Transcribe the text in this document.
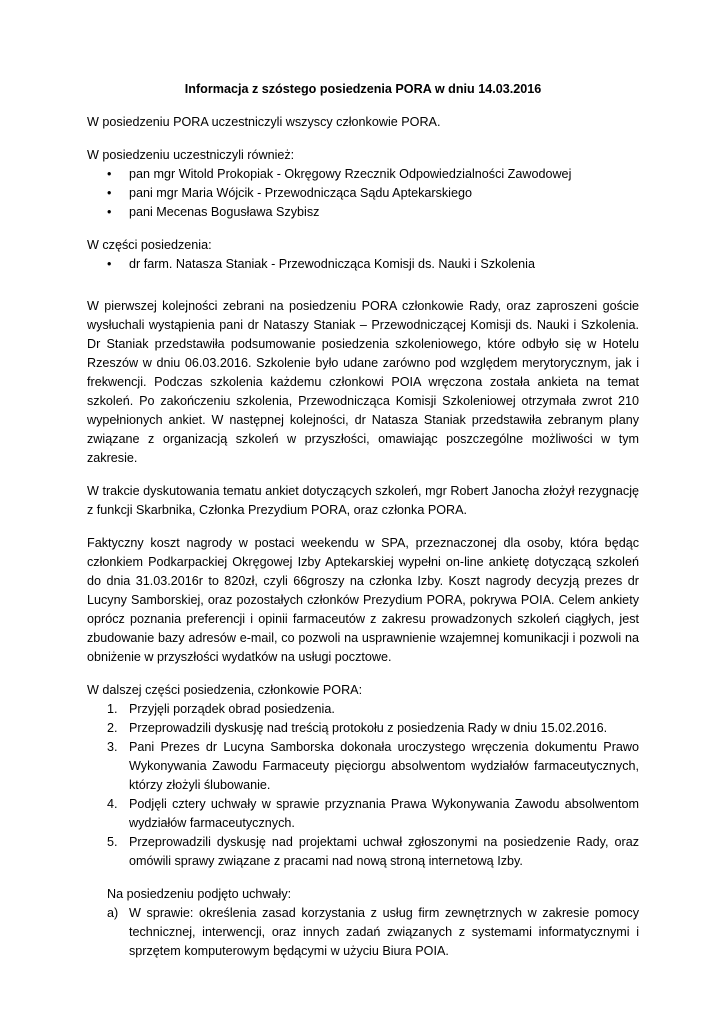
Informacja z szóstego posiedzenia PORA w dniu 14.03.2016

W posiedzeniu PORA uczestniczyli wszyscy członkowie PORA.

W posiedzeniu uczestniczyli również:

• pan mgr Witold Prokopiak - Okręgowy Rzecznik Odpowiedzialności Zawodowej
• pani mgr Maria Wójcik - Przewodnicząca Sądu Aptekarskiego
• pani Mecenas Bogusława Szybisz

W części posiedzenia:

• dr farm. Natasza Staniak - Przewodnicząca Komisji ds. Nauki i Szkolenia

W pierwszej kolejności zebrani na posiedzeniu PORA członkowie Rady, oraz zaproszeni goście wysłuchali wystąpienia pani dr Nataszy Staniak – Przewodniczącej Komisji ds. Nauki i Szkolenia. Dr Staniak przedstawiła podsumowanie posiedzenia szkoleniowego, które odbyło się w Hotelu Rzeszów w dniu 06.03.2016. Szkolenie było udane zarówno pod względem merytorycznym, jak i frekwencji. Podczas szkolenia każdemu członkowi POIA wręczona została ankieta na temat szkoleń. Po zakończeniu szkolenia, Przewodnicząca Komisji Szkoleniowej otrzymała zwrot 210 wypełnionych ankiet. W następnej kolejności, dr Natasza Staniak przedstawiła zebranym plany związane z organizacją szkoleń w przyszłości, omawiając poszczególne możliwości w tym zakresie.

W trakcie dyskutowania tematu ankiet dotyczących szkoleń, mgr Robert Janocha złożył rezygnację z funkcji Skarbnika, Członka Prezydium PORA, oraz członka PORA.

Faktyczny koszt nagrody w postaci weekendu w SPA, przeznaczonej dla osoby, która będąc członkiem Podkarpackiej Okręgowej Izby Aptekarskiej wypełni on-line ankietę dotyczącą szkoleń do dnia 31.03.2016r to 820zł, czyli 66groszy na członka Izby. Koszt nagrody decyzją prezes dr Lucyny Samborskiej, oraz pozostałych członków Prezydium PORA, pokrywa POIA. Celem ankiety oprócz poznania preferencji i opinii farmaceutów z zakresu prowadzonych szkoleń ciągłych, jest zbudowanie bazy adresów e-mail, co pozwoli na usprawnienie wzajemnej komunikacji i pozwoli na obniżenie w przyszłości wydatków na usługi pocztowe.

W dalszej części posiedzenia, członkowie PORA:

1. Przyjęli porządek obrad posiedzenia.
2. Przeprowadzili dyskusję nad treścią protokołu z posiedzenia Rady w dniu 15.02.2016.
3. Pani Prezes dr Lucyna Samborska dokonała uroczystego wręczenia dokumentu Prawo Wykonywania Zawodu Farmaceuty pięciorgu absolwentom wydziałów farmaceutycznych, którzy złożyli ślubowanie.
4. Podjęli cztery uchwały w sprawie przyznania Prawa Wykonywania Zawodu absolwentom wydziałów farmaceutycznych.
5. Przeprowadzili dyskusję nad projektami uchwał zgłoszonymi na posiedzenie Rady, oraz omówili sprawy związane z pracami nad nową stroną internetową Izby.

Na posiedzeniu podjęto uchwały:

a) W sprawie: określenia zasad korzystania z usług firm zewnętrznych w zakresie pomocy technicznej, interwencji, oraz innych zadań związanych z systemami informatycznymi i sprzętem komputerowym będącymi w użyciu Biura POIA.
